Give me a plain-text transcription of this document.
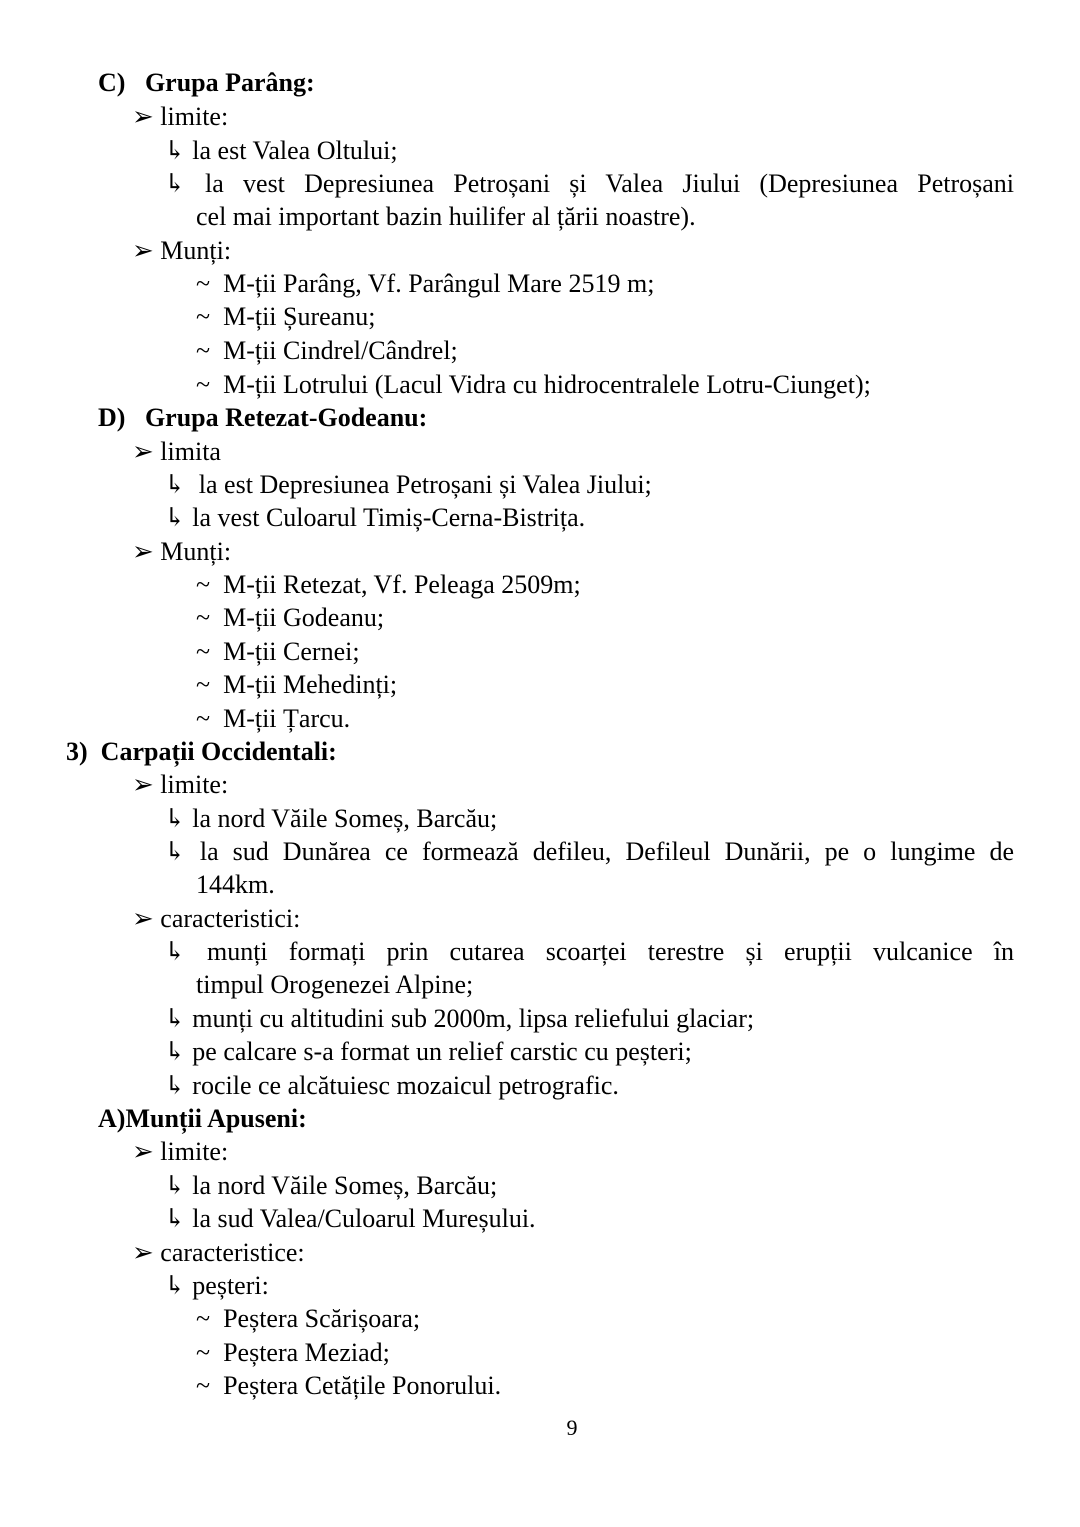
C) Grupa Parâng:
➢ limite:
↳ la est Valea Oltului;
↳ la vest Depresiunea Petroșani și Valea Jiului (Depresiunea Petroșani
cel mai important bazin huilifer al țării noastre).
➢ Munți:
~ M-ții Parâng, Vf. Parângul Mare 2519 m;
~ M-ții Șureanu;
~ M-ții Cindrel/Cândrel;
~ M-ții Lotrului (Lacul Vidra cu hidrocentralele Lotru-Ciunget);
D) Grupa Retezat-Godeanu:
➢ limita
↳ la est Depresiunea Petroșani și Valea Jiului;
↳ la vest Culoarul Timiș-Cerna-Bistrița.
➢ Munți:
~ M-ții Retezat, Vf. Peleaga 2509m;
~ M-ții Godeanu;
~ M-ții Cernei;
~ M-ții Mehedinți;
~ M-ții Țarcu.
3) Carpații Occidentali:
➢ limite:
↳ la nord Văile Someș, Barcău;
↳ la sud Dunărea ce formează defileu, Defileul Dunării, pe o lungime de
144km.
➢ caracteristici:
↳ munți formați prin cutarea scoarței terestre și erupții vulcanice în
timpul Orogenezei Alpine;
↳ munți cu altitudini sub 2000m, lipsa reliefului glaciar;
↳ pe calcare s-a format un relief carstic cu peșteri;
↳ rocile ce alcătuiesc mozaicul petrografic.
A)Munții Apuseni:
➢ limite:
↳ la nord Văile Someș, Barcău;
↳ la sud Valea/Culoarul Mureșului.
➢ caracteristice:
↳ peșteri:
~ Peștera Scărișoara;
~ Peștera Meziad;
~ Peștera Cetățile Ponorului.
9
